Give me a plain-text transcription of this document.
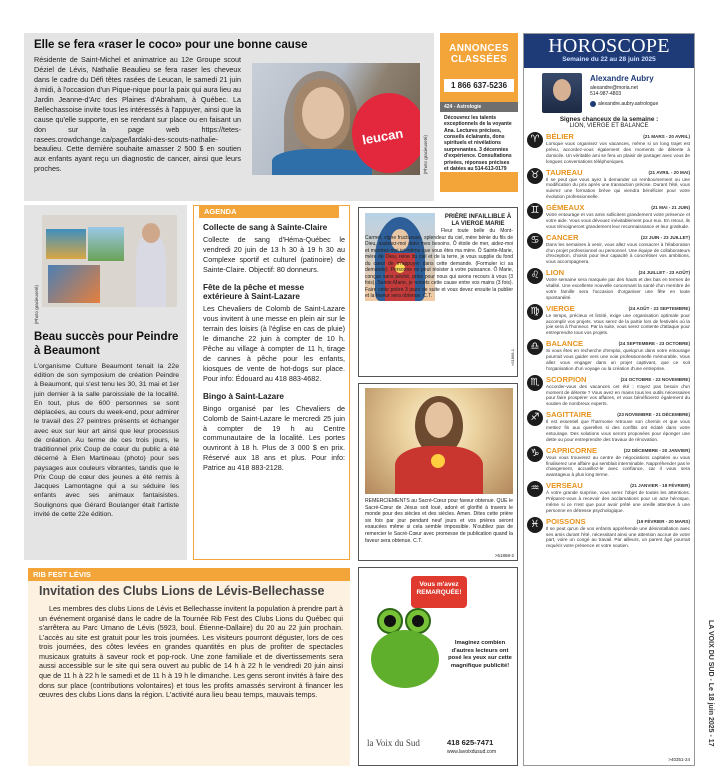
Elle se fera «raser le coco» pour une bonne cause

Résidente de Saint-Michel et animatrice au 12e Groupe scout Déziel de Lévis, Nathalie Beaulieu se fera raser les cheveux dans le cadre du Défi têtes rasées de Leucan, le samedi 21 juin à midi, à l'occasion d'un Pique-nique pour la paix qui aura lieu au Jardin Jeanne-d'Arc des Plaines d'Abraham, à Québec. La Bellechassoise invite tous les intéressés à l'appuyer, ainsi que la cause qu'elle supporte, en se rendant sur place ou en faisant un don sur la page web https://tetes-rasees.crowdchange.ca/page/lardaki-des-scouts-nathalie-beaulieu. Cette dernière souhaite amasser 2 500 $ en soutien aux enfants ayant reçu un diagnostic de cancer, ainsi que leurs proches.

leucan	(Photo gracieuseté)
ANNONCES CLASSÉES
1 866 637-5236
424 - Astrologie
Découvrez les talents exceptionnels de la voyante Ana. Lectures précises, conseils éclairants, dons spirituels et révélations surprenantes. 3 décennies d'expérience. Consultations privées, réponses précises et datées au 514-613-0179
HOROSCOPE
Semaine du 22 au 28 juin 2025
Alexandre Aubry
alexandre@moria.net
514-987-4803
alexandre.aubry.astrologue
Signes chanceux de la semaine :
LION, VIERGE ET BALANCE
♈	(21 MARS - 20 AVRIL)
BÉLIER
Lorsque vous organisez vos vacances, même si un long trajet est prévu, accordez-vous également des moments de détente à domicile. Un véritable ami se fera un plaisir de partager avec vous de longues conversations téléphoniques.
♉	(21 AVRIL - 20 MAI)
TAUREAU
Il se peut que vous ayez à demander un remboursement ou une modification du prix après une transaction précise. Durant l'été, vous suivrez une formation brève qui viendra bénéficier pour votre évolution professionnelle.
♊	(21 MAI - 21 JUIN)
GÉMEAUX
Votre entourage et vos amis sollicitent grandement votre présence et votre aide. Vous vous dévouez inévitablement pour eux. En retour, ils vous témoigneront grandement leur reconnaissance et leur gratitude.
♋	(22 JUIN - 23 JUILLET)
CANCER
Dans les semaines à venir, vous allez vous consacrer à l'élaboration d'un projet professionnel ou personnel. Une équipe de collaborateurs d'exception, choisis pour leur capacité à concrétiser vos ambitions, vous accompagnera.
♌	(24 JUILLET - 23 AOÛT)
LION
Votre semaine sera marquée par des hauts et des bas en termes de vitalité. Une excellente nouvelle concernant la santé d'un membre de votre famille sera l'occasion d'organiser une fête en toute spontanéité.
♍	(24 AOÛT - 23 SEPTEMBRE)
VIERGE
Le temps, précieux et limité, exige une organisation optimale pour accomplir vos projets. Vous serez de la partie lors de festivités où la joie sera à l'honneur. Par la suite, vous serez contente d'attaque pour entreprendre tous vos projets.
♎	(24 SEPTEMBRE - 23 OCTOBRE)
BALANCE
Si vous êtes en recherche d'emploi, quelqu'un dans votre entourage pourrait vous guider vers une voie professionnelle mémorable. Vous allez vous engager dans un projet captivant, que ce soit l'organisation d'un voyage ou la création d'une entreprise.
♏	(24 OCTOBRE - 22 NOVEMBRE)
SCORPION
Accorder-vous des vacances cet été ; n'ayez pas besoin d'un moment de détente ? Vous avez en mains tous les outils nécessaires pour faire prospérer vos affaires, et vous bénéficierez également du soutien de nombreux experts.
♐	(23 NOVEMBRE - 21 DÉCEMBRE)
SAGITTAIRE
Il est essentiel que l'harmonie retrouve son chemin et que vous mettiez fin aux querelles si des conflits ont éclaté dans votre entourage. Des solutions vous seront proposées pour éponger une dette ou pour entreprendre des travaux de rénovation.
♑	(22 DÉCEMBRE - 20 JANVIER)
CAPRICORNE
Vous vous trouverez au centre de négociations capitales ou vous finaliserez une affaire qui semblait interminable. Nappréhender pas le changement, accueillez-le avec confiance, car il vous sera avantageux à plus long terme.
♒	(21 JANVIER - 18 FÉVRIER)
VERSEAU
À votre grande surprise, vous serez l'objet de toutes les attentions. Préparez-vous à recevoir des acclamations pour un acte héroïque, même si ce n'est que pour avoir prêté une oreille attentive à une personne en détresse psychologique.
♓	(19 FÉVRIER - 20 MARS)
POISSONS
Il se peut qu'un de vos enfants appréhende une désinstallation avec ses amis durant l'été, nécessitant ainsi une attention accrue de votre part, voire un congé au travail. Par ailleurs, un parent âgé pourrait requérir votre présence et votre soutien.
>40351-24
(Photo gracieuseté)
Beau succès pour Peindre à Beaumont

L'organisme Culture Beaumont tenait la 22e édition de son symposium de création Peindre à Beaumont, qui s'est tenu les 30, 31 mai et 1er juin dernier à la salle paroissiale de la localité. En tout, plus de 600 personnes se sont déplacées, au cours du week-end, pour admirer le travail des 27 peintres présents et échanger avec eux sur leur art ainsi que leur processus de création. Au terme de ces trois jours, le traditionnel prix Coup de cœur du public a été décerné à Elen Martineau (photo) pour ses paysages aux couleurs vibrantes, tandis que le Prix Coup de cœur des jeunes a été remis à Jacques Lamontagne qui a su séduire les enfants avec ses animaux fantaisistes. Soulignons que Gérard Boulanger était l'artiste invité de cette 22e édition.

AGENDA
Collecte de sang à Sainte-Claire

Collecte de sang d'Héma-Québec le vendredi 20 juin de 13 h 30 à 19 h 30 au Complexe sportif et culturel (patinoire) de Sainte-Claire. Objectif: 80 donneurs.

Fête de la pêche et messe extérieure à Saint-Lazare

Les Chevaliers de Colomb de Saint-Lazare vous invitent à une messe en plein air sur le terrain des loisirs (à l'église en cas de pluie) le dimanche 22 juin à compter de 10 h. Pêche au village à compter de 11 h, tirage de cannes à pêche pour les enfants, kiosques de vente de hot-dogs sur place. Pour info: Édouard au 418 883-4682.

Bingo à Saint-Lazare

Bingo organisé par les Chevaliers de Colomb de Saint-Lazare le mercredi 25 juin à compter de 19 h au Centre communautaire de la localité. Les portes ouvriront à 18 h. Plus de 3 000 $ en prix. Réservé aux 18 ans et plus. Pour info: Patrice au 418 883-2128.

PRIÈRE INFAILLIBLE À LA VIERGE MARIE
Fleur toute belle du Mont-Carmel, vigne fructueuse, splendeur du ciel, mère bénie du fils de Dieu, assistez-moi dans mes besoins. Ô étoile de mer, aidez-moi et montrez-moi ici-même que vous êtes ma mère. Ô Sainte-Marie, mère de Dieu, reine du ciel et de la terre, je vous supplie du fond du cœur de m'appuyer dans cette demande. (Formuler ici sa demande). Personne ne peut résister à votre puissance. Ô Marie, conçue sans péché, priez pour nous qui avons recours à vous (3 fois). Sainte-Marie, je remets cette cause entre vos mains (3 fois). Faire cette prière 3 jours de suite et vous devez ensuite la publier et la faveur sera obtenue. C.T.
>51868-1
REMERCIEMENTS au Sacré-Cœur pour faveur obtenue. QUE le Sacré-Cœur de Jésus soit loué, adoré et glorifié à travers le monde pour des siècles et des siècles. Amen. Dites cette prière six fois par jour pendant neuf jours et vos prières seront exaucées même si cela semble impossible. N'oubliez pas de remercier le Sacré-Cœur avec promesse de publication quand la faveur sera obtenue. C.T.
>51868-2
Vous m'avez REMARQUÉE!
Imaginez combien d'autres lecteurs ont posé les yeux sur cette magnifique publicité!
la Voix du Sud	418 625-7471
www.lavoixdusud.com
RIB FEST LÉVIS
Invitation des Clubs Lions de Lévis-Bellechasse

Les membres des clubs Lions de Lévis et Bellechasse invitent la population à prendre part à un événement organisé dans le cadre de la Tournée Rib Fest des Clubs Lions du Québec qui s'arrêtera au Parc Umano de Lévis (5923, boul. Étienne-Dallaire) du 20 au 22 juin prochain. L'accès au site est gratuit pour les trois journées. Les visiteurs pourront déguster, lors de ces trois journées, des côtes levées en grandes quantités en plus de profiter de spectacles musicaux gratuits à saveur rock et pop-rock. Une zone familiale et de divertissements sera aussi accessible sur le site qui sera ouvert au public de 14 h à 22 h le vendredi 20 juin ainsi que de 11 h à 22 h le samedi et de 11 h à 19 h le dimanche. Les gens seront invités à faire des dons sur place (contributions volontaires) et tous les profits amassés serviront à financer les œuvres des clubs Lions dans la région. L'activité aura lieu beau temps, mauvais temps.	LA VOIX DU SUD - Le 18 juin 2025 - 17
